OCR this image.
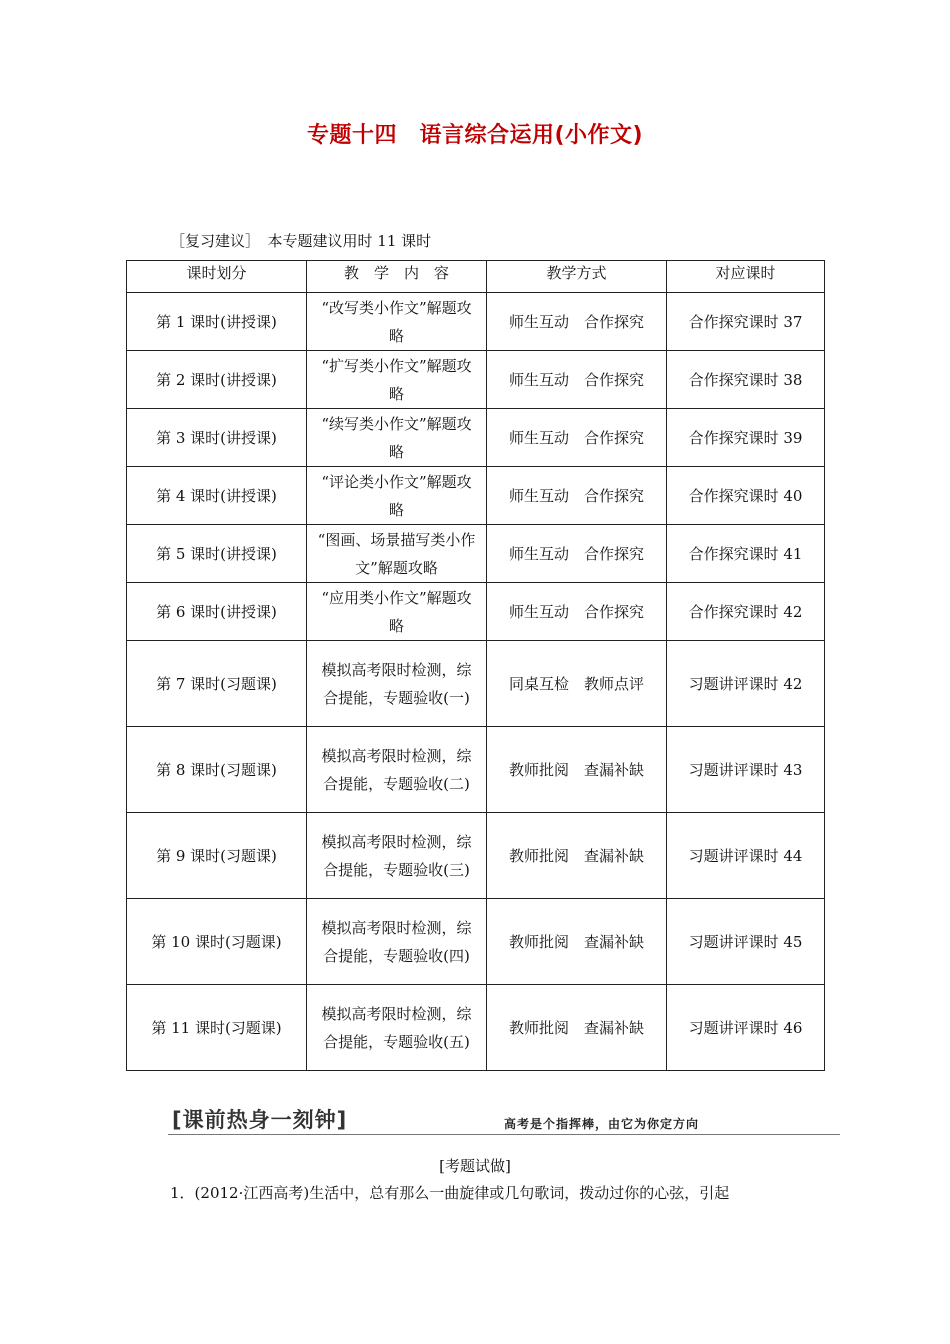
专题十四　语言综合运用(小作文)
［复习建议］　本专题建议用时 11 课时
课时划分	教　学　内　容	教学方式	对应课时
第 1 课时(讲授课)	“改写类小作文”解题攻略	师生互动　合作探究	合作探究课时 37
第 2 课时(讲授课)	“扩写类小作文”解题攻略	师生互动　合作探究	合作探究课时 38
第 3 课时(讲授课)	“续写类小作文”解题攻略	师生互动　合作探究	合作探究课时 39
第 4 课时(讲授课)	“评论类小作文”解题攻略	师生互动　合作探究	合作探究课时 40
第 5 课时(讲授课)	“图画、场景描写类小作文”解题攻略	师生互动　合作探究	合作探究课时 41
第 6 课时(讲授课)	“应用类小作文”解题攻略	师生互动　合作探究	合作探究课时 42
第 7 课时(习题课)	模拟高考限时检测，综合提能，专题验收(一)	同桌互检　教师点评	习题讲评课时 42
第 8 课时(习题课)	模拟高考限时检测，综合提能，专题验收(二)	教师批阅　查漏补缺	习题讲评课时 43
第 9 课时(习题课)	模拟高考限时检测，综合提能，专题验收(三)	教师批阅　查漏补缺	习题讲评课时 44
第 10 课时(习题课)	模拟高考限时检测，综合提能，专题验收(四)	教师批阅　查漏补缺	习题讲评课时 45
第 11 课时(习题课)	模拟高考限时检测，综合提能，专题验收(五)	教师批阅　查漏补缺	习题讲评课时 46
[课前热身一刻钟]	高考是个指挥棒，由它为你定方向
[考题试做]
1．(2012·江西高考)生活中，总有那么一曲旋律或几句歌词，拨动过你的心弦，引起
